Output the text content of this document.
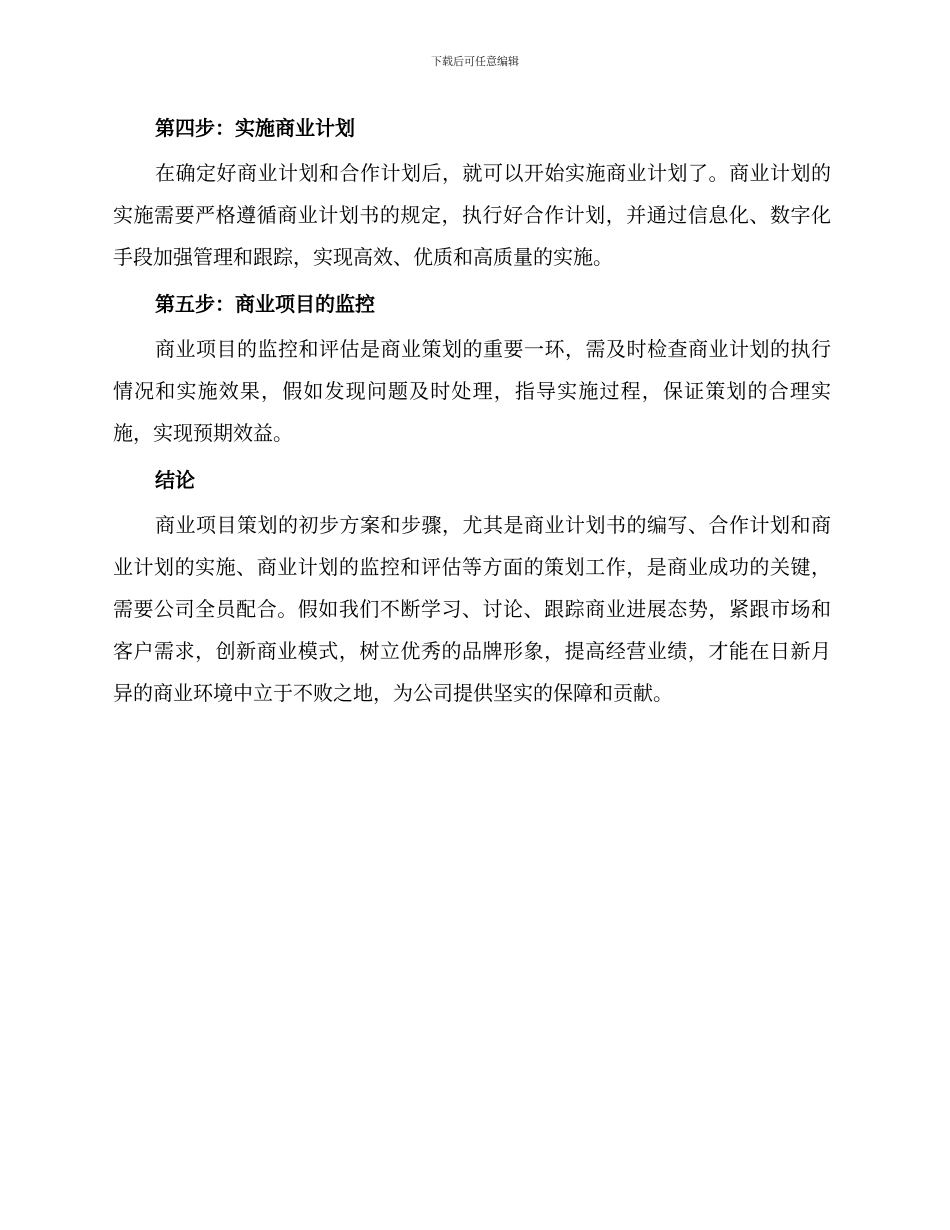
下载后可任意编辑
第四步：实施商业计划

在确定好商业计划和合作计划后，就可以开始实施商业计划了。商业计划的实施需要严格遵循商业计划书的规定，执行好合作计划，并通过信息化、数字化手段加强管理和跟踪，实现高效、优质和高质量的实施。

第五步：商业项目的监控

商业项目的监控和评估是商业策划的重要一环，需及时检查商业计划的执行情况和实施效果，假如发现问题及时处理，指导实施过程，保证策划的合理实施，实现预期效益。

结论

商业项目策划的初步方案和步骤，尤其是商业计划书的编写、合作计划和商业计划的实施、商业计划的监控和评估等方面的策划工作，是商业成功的关键，需要公司全员配合。假如我们不断学习、讨论、跟踪商业进展态势，紧跟市场和客户需求，创新商业模式，树立优秀的品牌形象，提高经营业绩，才能在日新月异的商业环境中立于不败之地，为公司提供坚实的保障和贡献。
